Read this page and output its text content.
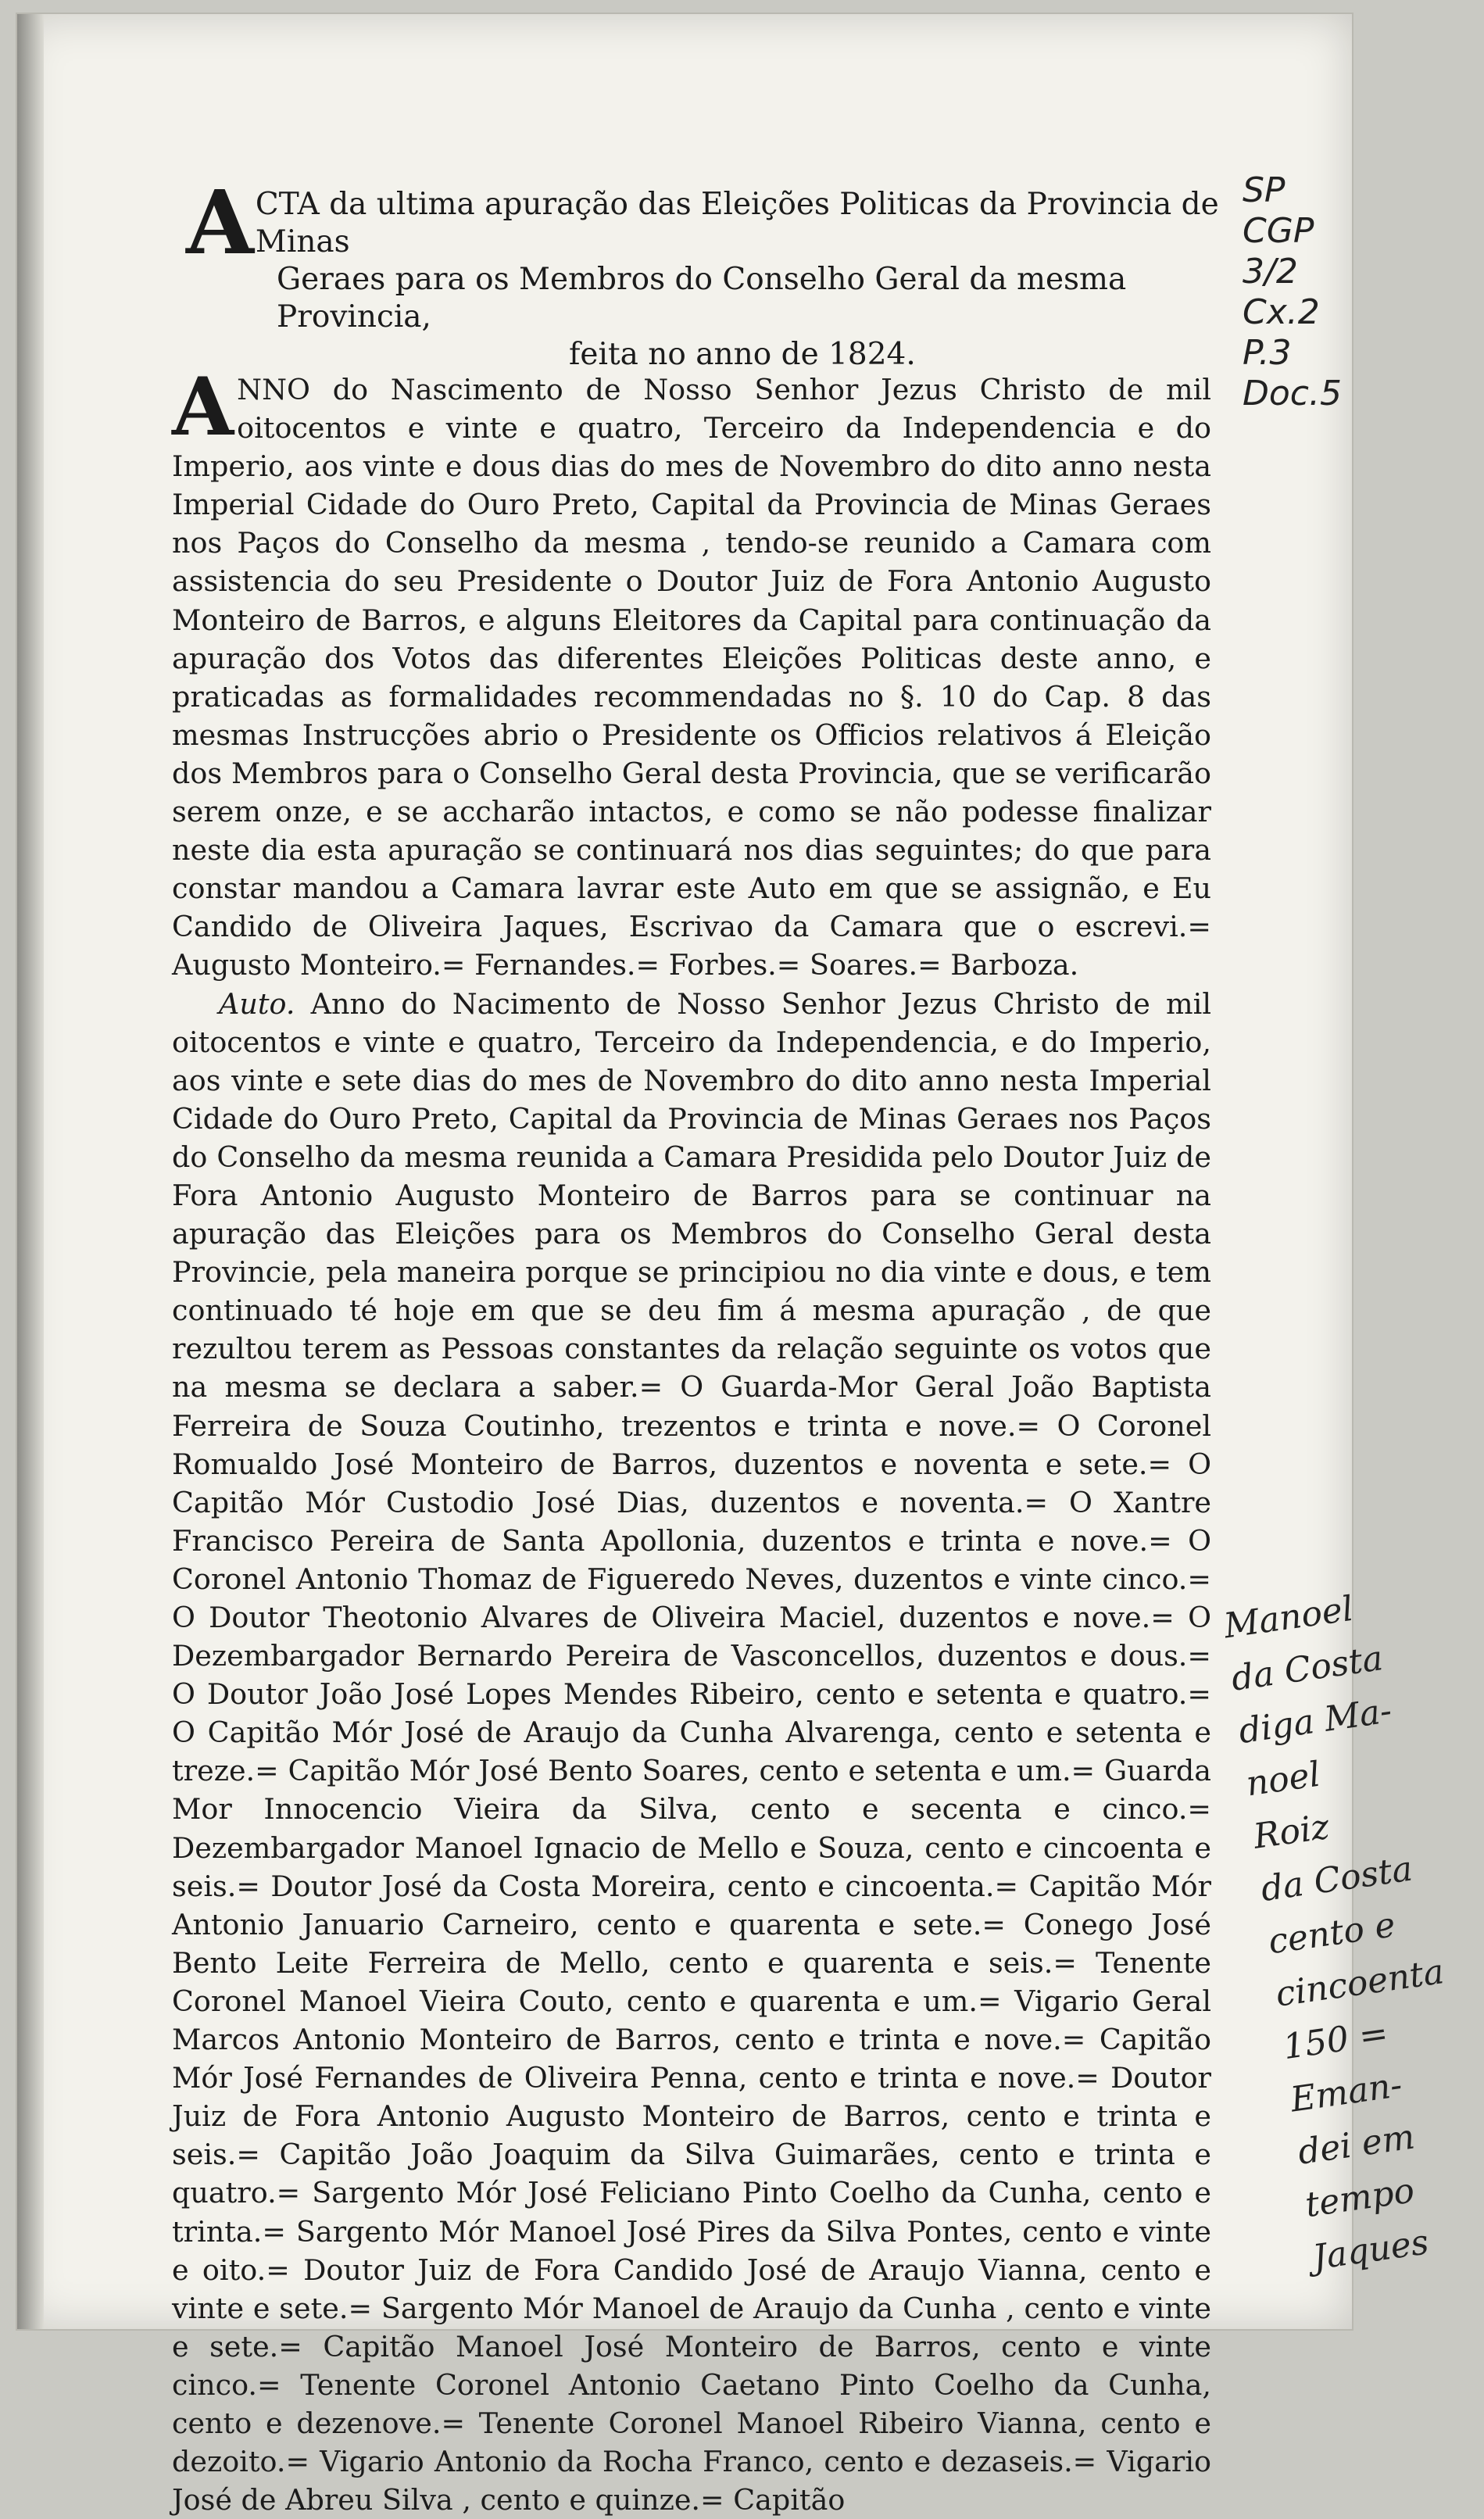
A CTA da ultima apuração das Eleições Politicas da Provincia de Minas
Geraes para os Membros do Conselho Geral da mesma Provincia,
feita no anno de 1824.

ANNO do Nascimento de Nosso Senhor Jezus Christo de mil oitocentos e vinte e quatro, Terceiro da Independencia e do Imperio, aos vinte e dous dias do mes de Novembro do dito anno nesta Imperial Cidade do Ouro Preto, Capital da Provincia de Minas Geraes nos Paços do Conselho da mesma , tendo-se reunido a Camara com assistencia do seu Presidente o Doutor Juiz de Fora Antonio Augusto Monteiro de Barros, e alguns Eleitores da Capital para continuação da apuração dos Votos das diferentes Eleições Politicas deste anno, e praticadas as formalidades recommendadas no §. 10 do Cap. 8 das mesmas Instrucções abrio o Presidente os Officios relativos á Eleição dos Membros para o Conselho Geral desta Provincia, que se verificarão serem onze, e se accharão intactos, e como se não podesse finalizar neste dia esta apuração se continuará nos dias seguintes; do que para constar mandou a Camara lavrar este Auto em que se assignão, e Eu Candido de Oliveira Jaques, Escrivao da Camara que o escrevi.= Augusto Monteiro.= Fernandes.= Forbes.= Soares.= Barboza.

Auto. Anno do Nacimento de Nosso Senhor Jezus Christo de mil oitocentos e vinte e quatro, Terceiro da Independencia, e do Imperio, aos vinte e sete dias do mes de Novembro do dito anno nesta Imperial Cidade do Ouro Preto, Capital da Provincia de Minas Geraes nos Paços do Conselho da mesma reunida a Camara Presidida pelo Doutor Juiz de Fora Antonio Augusto Monteiro de Barros para se continuar na apuração das Eleições para os Membros do Conselho Geral desta Provincie, pela maneira porque se principiou no dia vinte e dous, e tem continuado té hoje em que se deu fim á mesma apuração , de que rezultou terem as Pessoas constantes da relação seguinte os votos que na mesma se declara a saber.= O Guarda-Mor Geral João Baptista Ferreira de Souza Coutinho, trezentos e trinta e nove.= O Coronel Romualdo José Monteiro de Barros, duzentos e noventa e sete.= O Capitão Mór Custodio José Dias, duzentos e noventa.= O Xantre Francisco Pereira de Santa Apollonia, duzentos e trinta e nove.= O Coronel Antonio Thomaz de Figueredo Neves, duzentos e vinte cinco.= O Doutor Theotonio Alvares de Oliveira Maciel, duzentos e nove.= O Dezembargador Bernardo Pereira de Vasconcellos, duzentos e dous.= O Doutor João José Lopes Mendes Ribeiro, cento e setenta e quatro.= O Capitão Mór José de Araujo da Cunha Alvarenga, cento e setenta e treze.= Capitão Mór José Bento Soares, cento e setenta e um.= Guarda Mor Innocencio Vieira da Silva, cento e secenta e cinco.= Dezembargador Manoel Ignacio de Mello e Souza, cento e cincoenta e seis.= Doutor José da Costa Moreira, cento e cincoenta.= Capitão Mór Antonio Januario Carneiro, cento e quarenta e sete.= Conego José Bento Leite Ferreira de Mello, cento e quarenta e seis.= Tenente Coronel Manoel Vieira Couto, cento e quarenta e um.= Vigario Geral Marcos Antonio Monteiro de Barros, cento e trinta e nove.= Capitão Mór José Fernandes de Oliveira Penna, cento e trinta e nove.= Doutor Juiz de Fora Antonio Augusto Monteiro de Barros, cento e trinta e seis.= Capitão João Joaquim da Silva Guimarães, cento e trinta e quatro.= Sargento Mór José Feliciano Pinto Coelho da Cunha, cento e trinta.= Sargento Mór Manoel José Pires da Silva Pontes, cento e vinte e oito.= Doutor Juiz de Fora Candido José de Araujo Vianna, cento e vinte e sete.= Sargento Mór Manoel de Araujo da Cunha , cento e vinte e sete.= Capitão Manoel José Monteiro de Barros, cento e vinte cinco.= Tenente Coronel Antonio Caetano Pinto Coelho da Cunha, cento e dezenove.= Tenente Coronel Manoel Ribeiro Vianna, cento e dezoito.= Vigario Antonio da Rocha Franco, cento e dezaseis.= Vigario José de Abreu Silva , cento e quinze.= Capitão

SP
CGP 3/2
Cx.2
P.3
Doc.5
Manoel
da Costa
diga Ma-
noel Roiz
da Costa
cento e
cincoenta
150 = Eman-
dei em
tempo
Jaques
